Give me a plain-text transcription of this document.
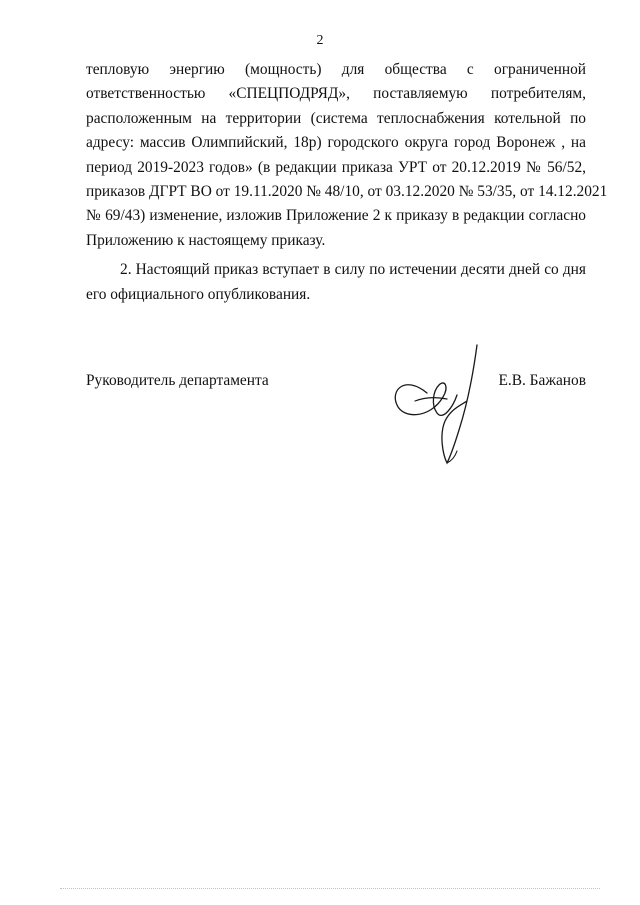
2
тепловую энергию (мощность) для общества с ограниченной
ответственностью «СПЕЦПОДРЯД», поставляемую потребителям,
расположенным на территории (система теплоснабжения котельной по
адресу: массив Олимпийский, 18р) городского округа город Воронеж , на
период 2019-2023 годов» (в редакции приказа УРТ от 20.12.2019 № 56/52,
приказов ДГРТ ВО от 19.11.2020 № 48/10, от 03.12.2020 № 53/35, от 14.12.2021
№ 69/43) изменение, изложив Приложение 2 к приказу в редакции согласно
Приложению к настоящему приказу.
2. Настоящий приказ вступает в силу по истечении десяти дней со дня
его официального опубликования.
Руководитель департамента	Е.В. Бажанов
